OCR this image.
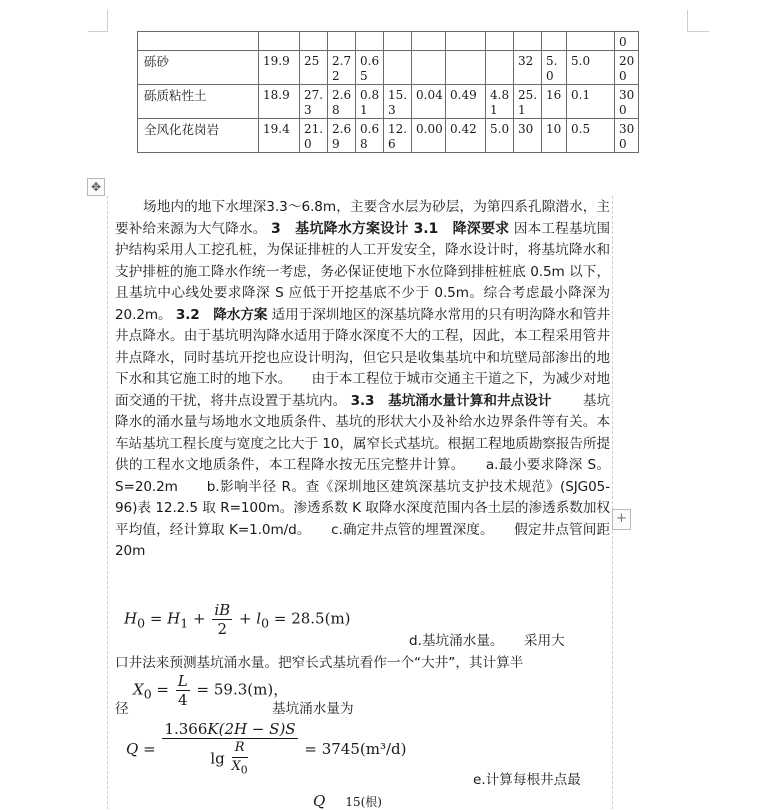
												0
砾砂	19.9	25	2.72	0.65					32	5.0	5.0	200
砾质粘性土	18.9	27.3	2.68	0.81	15.3	0.04	0.49	4.81	25.1	16	0.1	300
全风化花岗岩	19.4	21.0	2.69	0.68	12.6	0.00	0.42	5.0	30	10	0.5	300
✥
+
场地内的地下水埋深3.3～6.8m，主要含水层为砂层，为第四系孔隙潜水，主要补给来源为大气降水。 3　基坑降水方案设计 3.1　降深要求 因本工程基坑围护结构采用人工挖孔桩，为保证排桩的人工开发安全，降水设计时，将基坑降水和支护排桩的施工降水作统一考虑，务必保证使地下水位降到排桩桩底 0.5m 以下，且基坑中心线处要求降深 S 应低于开挖基底不少于 0.5m。综合考虑最小降深为 20.2m。 3.2　降水方案 适用于深圳地区的深基坑降水常用的只有明沟降水和管井井点降水。由于基坑明沟降水适用于降水深度不大的工程，因此，本工程采用管井井点降水，同时基坑开挖也应设计明沟，但它只是收集基坑中和坑壁局部渗出的地下水和其它施工时的地下水。　　由于本工程位于城市交通主干道之下，为减少对地面交通的干扰，将井点设置于基坑内。 3.3　基坑涌水量计算和井点设计 　　基坑降水的涌水量与场地水文地质条件、基坑的形状大小及补给水边界条件等有关。本车站基坑工程长度与宽度之比大于 10，属窄长式基坑。根据工程地质勘察报告所提供的工程水文地质条件，本工程降水按无压完整井计算。　　a.最小要求降深 S。 S=20.2m　　b.影响半径 R。查《深圳地区建筑深基坑支护技术规范》(SJG05-96)表 12.2.5 取 R=100m。渗透系数 K 取降水深度范围内各土层的渗透系数加权平均值，经计算取 K=1.0m/d。　　c.确定井点管的埋置深度。　　假定井点管间距 20m
$H_0 = H_1 + \frac{iB}{2} + l_0 = 28.5(m)$
d.基坑涌水量。　　采用大
口井法来预测基坑涌水量。把窄长式基坑看作一个“大井”，其计算半
$X_0 = \frac{L}{4} = 59.3(m)$，
径	基坑涌水量为
$Q = \frac{1.366K(2H - S)S}{\lg \frac{R}{X_0}} = 3745(m^3/d)$
e.计算每根井点最
Q 15(根)
